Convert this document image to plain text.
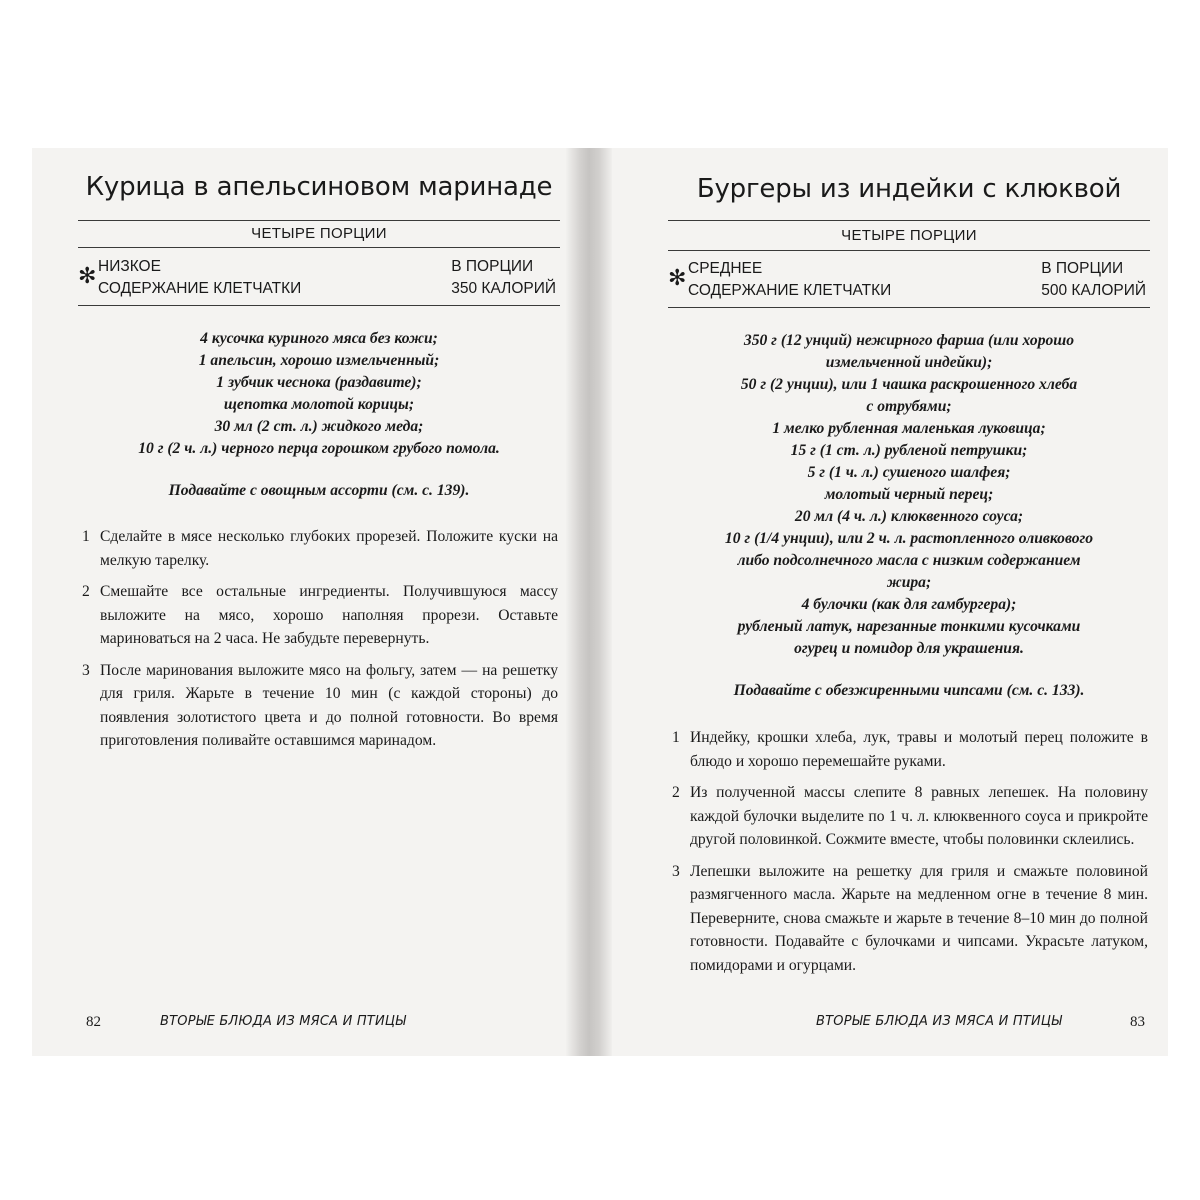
Курица в апельсиновом маринаде
ЧЕТЫРЕ ПОРЦИИ
✻ НИЗКОЕ
СОДЕРЖАНИЕ КЛЕТЧАТКИ
В ПОРЦИИ
350 КАЛОРИЙ
4 кусочка куриного мяса без кожи;
1 апельсин, хорошо измельченный;
1 зубчик чеснока (раздавите);
щепотка молотой корицы;
30 мл (2 ст. л.) жидкого меда;
10 г (2 ч. л.) черного перца горошком грубого помола.
Подавайте с овощным ассорти (см. с. 139).
1 Сделайте в мясе несколько глубоких прорезей. Положите куски на мелкую тарелку.
2 Смешайте все остальные ингредиенты. Получившуюся массу выложите на мясо, хорошо наполняя прорези. Оставьте мариноваться на 2 часа. Не забудьте перевернуть.
3 После маринования выложите мясо на фольгу, затем — на решетку для гриля. Жарьте в течение 10 мин (с каждой стороны) до появления золотистого цвета и до полной готовности. Во время приготовления поливайте оставшимся маринадом.
82	ВТОРЫЕ БЛЮДА ИЗ МЯСА И ПТИЦЫ
Бургеры из индейки с клюквой
ЧЕТЫРЕ ПОРЦИИ
✻ СРЕДНЕЕ
СОДЕРЖАНИЕ КЛЕТЧАТКИ
В ПОРЦИИ
500 КАЛОРИЙ
350 г (12 унций) нежирного фарша (или хорошо
измельченной индейки);
50 г (2 унции), или 1 чашка раскрошенного хлеба
с отрубями;
1 мелко рубленная маленькая луковица;
15 г (1 ст. л.) рубленой петрушки;
5 г (1 ч. л.) сушеного шалфея;
молотый черный перец;
20 мл (4 ч. л.) клюквенного соуса;
10 г (1/4 унции), или 2 ч. л. растопленного оливкового
либо подсолнечного масла с низким содержанием
жира;
4 булочки (как для гамбургера);
рубленый латук, нарезанные тонкими кусочками
огурец и помидор для украшения.
Подавайте с обезжиренными чипсами (см. с. 133).
1 Индейку, крошки хлеба, лук, травы и молотый перец положите в блюдо и хорошо перемешайте руками.
2 Из полученной массы слепите 8 равных лепешек. На половину каждой булочки выделите по 1 ч. л. клюквенного соуса и прикройте другой половинкой. Сожмите вместе, чтобы половинки склеились.
3 Лепешки выложите на решетку для гриля и смажьте половиной размягченного масла. Жарьте на медленном огне в течение 8 мин. Переверните, снова смажьте и жарьте в течение 8–10 мин до полной готовности. Подавайте с булочками и чипсами. Украсьте латуком, помидорами и огурцами.
ВТОРЫЕ БЛЮДА ИЗ МЯСА И ПТИЦЫ	83
